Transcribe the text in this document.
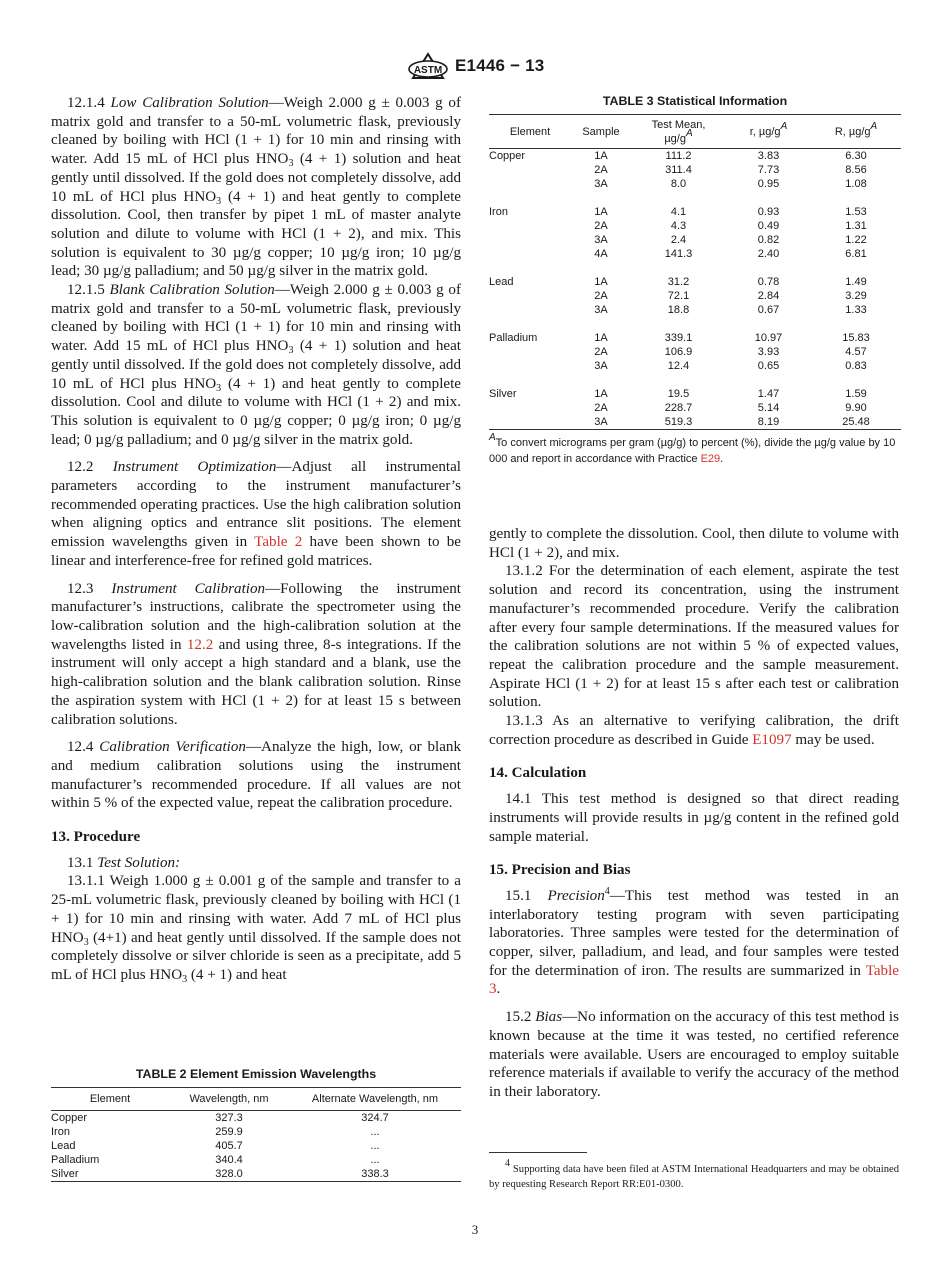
ASTM E1446 − 13

12.1.4 Low Calibration Solution—Weigh 2.000 g ± 0.003 g of matrix gold and transfer to a 50-mL volumetric flask, previously cleaned by boiling with HCl (1 + 1) for 10 min and rinsing with water. Add 15 mL of HCl plus $HNO_3$ (4 + 1) solution and heat gently until dissolved. If the gold does not completely dissolve, add 10 mL of HCl plus $HNO_3$ (4 + 1) and heat gently to complete dissolution. Cool, then transfer by pipet 1 mL of master analyte solution and dilute to volume with HCl (1 + 2), and mix. This solution is equivalent to 30 µg/g copper; 10 µg/g iron; 10 µg/g lead; 30 µg/g palladium; and 50 µg/g silver in the matrix gold.

12.1.5 Blank Calibration Solution—Weigh 2.000 g ± 0.003 g of matrix gold and transfer to a 50-mL volumetric flask, previously cleaned by boiling with HCl (1 + 1) for 10 min and rinsing with water. Add 15 mL of HCl plus $HNO_3$ (4 + 1) solution and heat gently until dissolved. If the gold does not completely dissolve, add 10 mL of HCl plus $HNO_3$ (4 + 1) and heat gently to complete dissolution. Cool and dilute to volume with HCl (1 + 2) and mix. This solution is equivalent to 0 µg/g copper; 0 µg/g iron; 0 µg/g lead; 0 µg/g palladium; and 0 µg/g silver in the matrix gold.

12.2 Instrument Optimization—Adjust all instrumental parameters according to the instrument manufacturer’s recommended operating practices. Use the high calibration solution when aligning optics and entrance slit positions. The element emission wavelengths given in Table 2 have been shown to be linear and interference-free for refined gold matrices.

12.3 Instrument Calibration—Following the instrument manufacturer’s instructions, calibrate the spectrometer using the low-calibration solution and the high-calibration solution at the wavelengths listed in 12.2 and using three, 8-s integrations. If the instrument will only accept a high standard and a blank, use the high-calibration solution and the blank calibration solution. Rinse the aspiration system with HCl (1 + 2) for at least 15 s between calibration solutions.

12.4 Calibration Verification—Analyze the high, low, or blank and medium calibration solutions using the instrument manufacturer’s recommended procedure. If all values are not within 5 % of the expected value, repeat the calibration procedure.

13. Procedure

13.1 Test Solution:

13.1.1 Weigh 1.000 g ± 0.001 g of the sample and transfer to a 25-mL volumetric flask, previously cleaned by boiling with HCl (1 + 1) for 10 min and rinsing with water. Add 7 mL of HCl plus $HNO_3$ (4+1) and heat gently until dissolved. If the sample does not completely dissolve or silver chloride is seen as a precipitate, add 5 mL of HCl plus $HNO_3$ (4 + 1) and heat

TABLE 3 Statistical Information
Element	Sample	Test Mean,
$\mu g/g^A$	r, $\mu g/g^A$	R, $\mu g/g^A$
Copper	1A	111.2	3.83	6.30
	2A	311.4	7.73	8.56
	3A	8.0	0.95	1.08

Iron	1A	4.1	0.93	1.53
	2A	4.3	0.49	1.31
	3A	2.4	0.82	1.22
	4A	141.3	2.40	6.81

Lead	1A	31.2	0.78	1.49
	2A	72.1	2.84	3.29
	3A	18.8	0.67	1.33

Palladium	1A	339.1	10.97	15.83
	2A	106.9	3.93	4.57
	3A	12.4	0.65	0.83

Silver	1A	19.5	1.47	1.59
	2A	228.7	5.14	9.90
	3A	519.3	8.19	25.48
$^A$To convert micrograms per gram (µg/g) to percent (%), divide the µg/g value by 10 000 and report in accordance with Practice E29.

gently to complete the dissolution. Cool, then dilute to volume with HCl (1 + 2), and mix.

13.1.2 For the determination of each element, aspirate the test solution and record its concentration, using the instrument manufacturer’s recommended procedure. Verify the calibration after every four sample determinations. If the measured values for the calibration solutions are not within 5 % of expected values, repeat the calibration procedure and the sample measurement. Aspirate HCl (1 + 2) for at least 15 s after each test or calibration solution.

13.1.3 As an alternative to verifying calibration, the drift correction procedure as described in Guide E1097 may be used.

14. Calculation

14.1 This test method is designed so that direct reading instruments will provide results in µg/g content in the refined gold sample material.

15. Precision and Bias

15.1 Precision$^4$—This test method was tested in an interlaboratory testing program with seven participating laboratories. Three samples were tested for the determination of copper, silver, palladium, and lead, and four samples were tested for the determination of iron. The results are summarized in Table 3.

15.2 Bias—No information on the accuracy of this test method is known because at the time it was tested, no certified reference materials were available. Users are encouraged to employ suitable reference materials if available to verify the accuracy of the method in their laboratory.

TABLE 2 Element Emission Wavelengths
Element	Wavelength, nm	Alternate Wavelength, nm
Copper	327.3	324.7
Iron	259.9	...
Lead	405.7	...
Palladium	340.4	...
Silver	328.0	338.3
$^4$ Supporting data have been filed at ASTM International Headquarters and may be obtained by requesting Research Report RR:E01-0300.
3
